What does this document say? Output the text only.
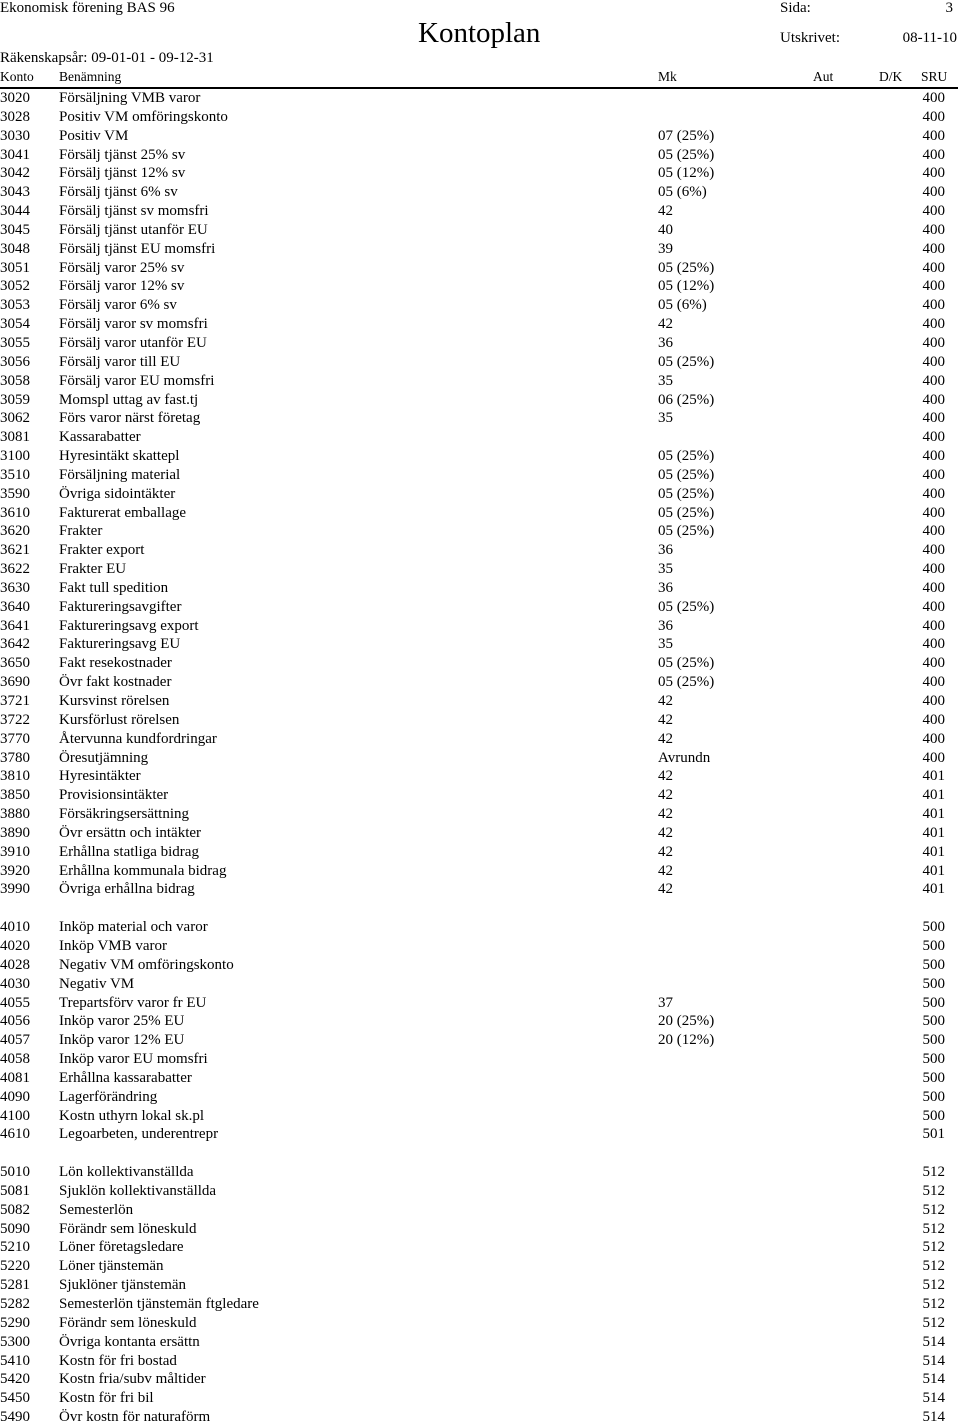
Ekonomisk förening BAS 96	Sida:	3
Kontoplan	Utskrivet:	08-11-10
Räkenskapsår: 09-01-01 - 09-12-31
Konto Benämning	Mk	Aut	D/K SRU
3020 Försäljning VMB varor	400
3028 Positiv VM omföringskonto	400
3030 Positiv VM	07 (25%)	400
3041 Försälj tjänst 25% sv	05 (25%)	400
3042 Försälj tjänst 12% sv	05 (12%)	400
3043 Försälj tjänst 6% sv	05 (6%)	400
3044 Försälj tjänst sv momsfri	42	400
3045 Försälj tjänst utanför EU	40	400
3048 Försälj tjänst EU momsfri	39	400
3051 Försälj varor 25% sv	05 (25%)	400
3052 Försälj varor 12% sv	05 (12%)	400
3053 Försälj varor 6% sv	05 (6%)	400
3054 Försälj varor sv momsfri	42	400
3055 Försälj varor utanför EU	36	400
3056 Försälj varor till EU	05 (25%)	400
3058 Försälj varor EU momsfri	35	400
3059 Momspl uttag av fast.tj	06 (25%)	400
3062 Förs varor närst företag	35	400
3081 Kassarabatter	400
3100 Hyresintäkt skattepl	05 (25%)	400
3510 Försäljning material	05 (25%)	400
3590 Övriga sidointäkter	05 (25%)	400
3610 Fakturerat emballage	05 (25%)	400
3620 Frakter	05 (25%)	400
3621 Frakter export	36	400
3622 Frakter EU	35	400
3630 Fakt tull spedition	36	400
3640 Faktureringsavgifter	05 (25%)	400
3641 Faktureringsavg export	36	400
3642 Faktureringsavg EU	35	400
3650 Fakt resekostnader	05 (25%)	400
3690 Övr fakt kostnader	05 (25%)	400
3721 Kursvinst rörelsen	42	400
3722 Kursförlust rörelsen	42	400
3770 Återvunna kundfordringar	42	400
3780 Öresutjämning	Avrundn	400
3810 Hyresintäkter	42	401
3850 Provisionsintäkter	42	401
3880 Försäkringsersättning	42	401
3890 Övr ersättn och intäkter	42	401
3910 Erhållna statliga bidrag	42	401
3920 Erhållna kommunala bidrag	42	401
3990 Övriga erhållna bidrag	42	401
4010 Inköp material och varor	500
4020 Inköp VMB varor	500
4028 Negativ VM omföringskonto	500
4030 Negativ VM	500
4055 Trepartsförv varor fr EU	37	500
4056 Inköp varor 25% EU	20 (25%)	500
4057 Inköp varor 12% EU	20 (12%)	500
4058 Inköp varor EU momsfri	500
4081 Erhållna kassarabatter	500
4090 Lagerförändring	500
4100 Kostn uthyrn lokal sk.pl	500
4610 Legoarbeten, underentrepr	501
5010 Lön kollektivanställda	512
5081 Sjuklön kollektivanställda	512
5082 Semesterlön	512
5090 Förändr sem löneskuld	512
5210 Löner företagsledare	512
5220 Löner tjänstemän	512
5281 Sjuklöner tjänstemän	512
5282 Semesterlön tjänstemän ftgledare	512
5290 Förändr sem löneskuld	512
5300 Övriga kontanta ersättn	514
5410 Kostn för fri bostad	514
5420 Kostn fria/subv måltider	514
5450 Kostn för fri bil	514
5490 Övr kostn för naturaförm	514
